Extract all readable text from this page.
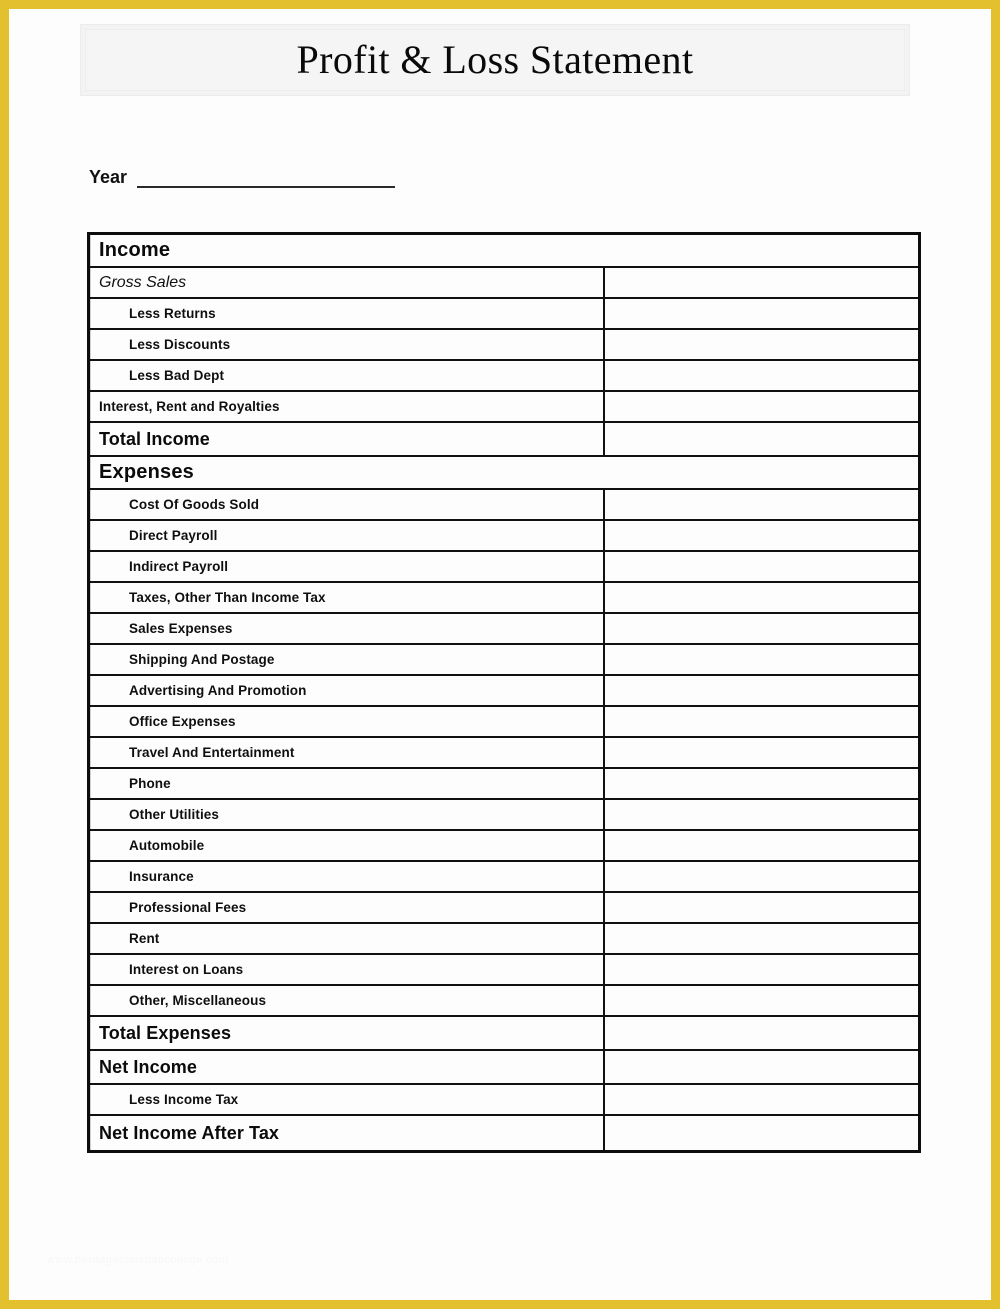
Profit & Loss Statement
Year
Income
Gross Sales
Less Returns
Less Discounts
Less Bad Dept
Interest, Rent and Royalties
Total Income
Expenses
Cost Of Goods Sold
Direct Payroll
Indirect Payroll
Taxes, Other Than Income Tax
Sales Expenses
Shipping And Postage
Advertising And Promotion
Office Expenses
Travel And Entertainment
Phone
Other Utilities
Automobile
Insurance
Professional Fees
Rent
Interest on Loans
Other, Miscellaneous
Total Expenses
Net Income
Less Income Tax
Net Income After Tax
www.heritagechristiancollege.com
